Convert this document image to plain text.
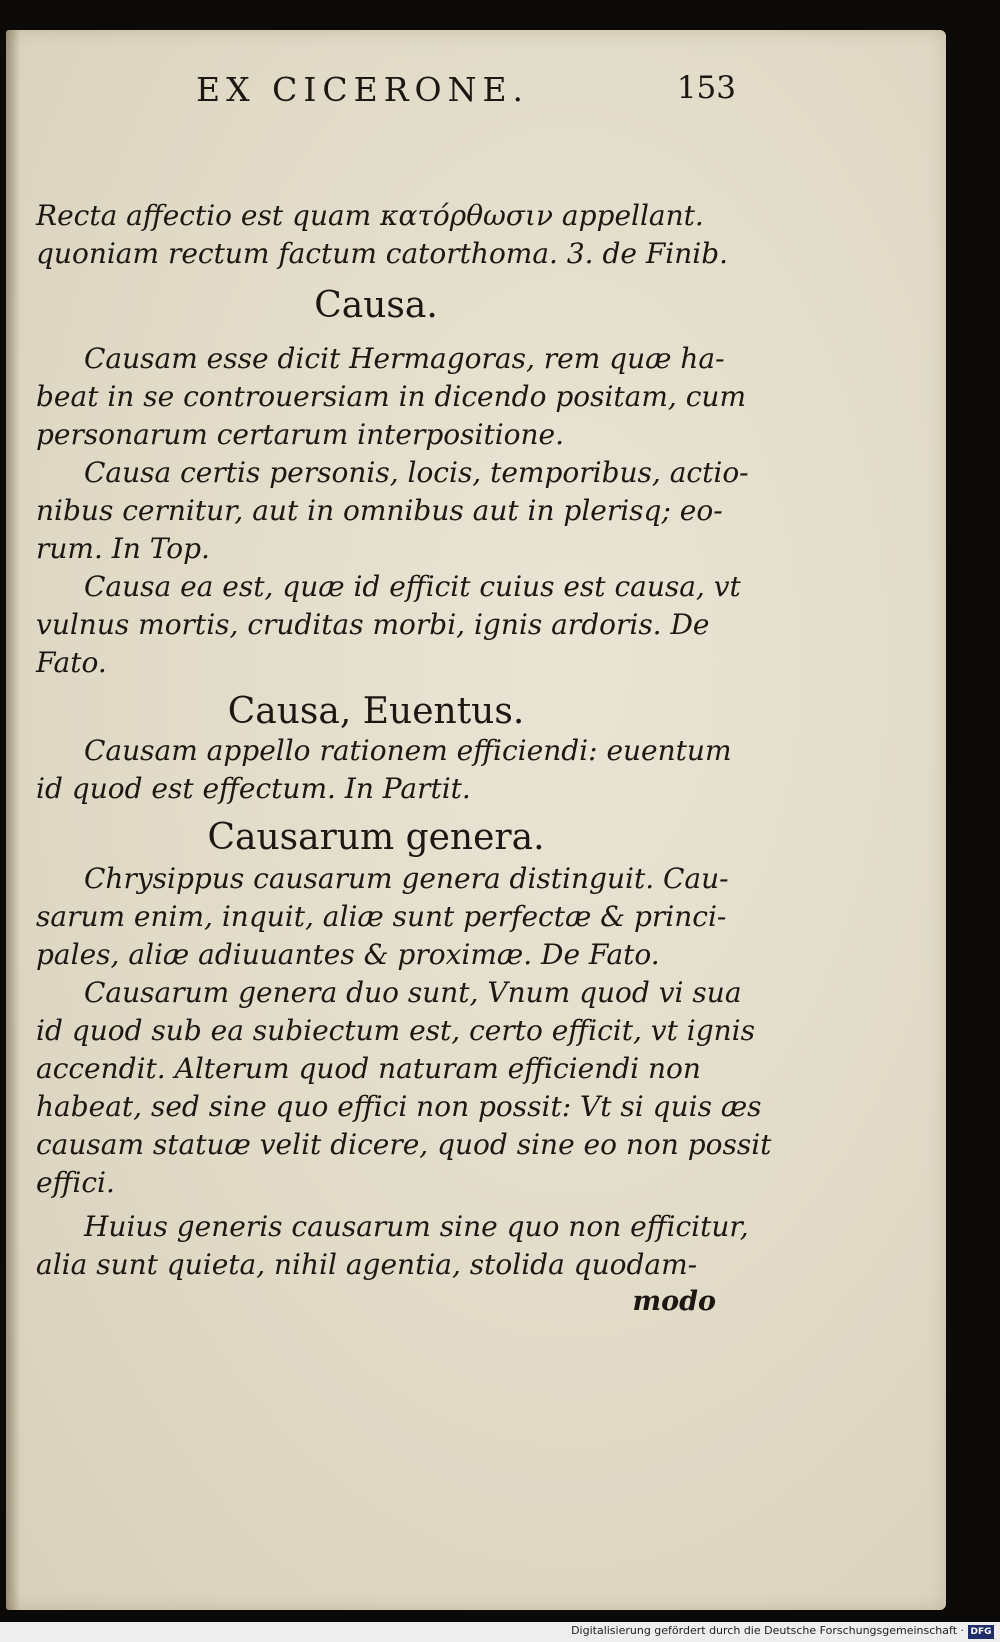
EX CICERONE.	153
Recta affectio est quam κατόρθωσιν appellant.
quoniam rectum factum catorthoma. 3. de Finib.
Causa.
Causam esse dicit Hermagoras, rem quæ ha-
beat in se controuersiam in dicendo positam, cum
personarum certarum interpositione.
Causa certis personis, locis, temporibus, actio-
nibus cernitur, aut in omnibus aut in plerisq; eo-
rum. In Top.
Causa ea est, quæ id efficit cuius est causa, vt
vulnus mortis, cruditas morbi, ignis ardoris. De
Fato.
Causa, Euentus.
Causam appello rationem efficiendi: euentum
id quod est effectum. In Partit.
Causarum genera.
Chrysippus causarum genera distinguit. Cau-
sarum enim, inquit, aliæ sunt perfectæ & princi-
pales, aliæ adiuuantes & proximæ. De Fato.
Causarum genera duo sunt, Vnum quod vi sua
id quod sub ea subiectum est, certo efficit, vt ignis
accendit. Alterum quod naturam efficiendi non
habeat, sed sine quo effici non possit: Vt si quis æs
causam statuæ velit dicere, quod sine eo non possit
effici.
Huius generis causarum sine quo non efficitur,
alia sunt quieta, nihil agentia, stolida quodam-
modo
Digitalisierung gefördert durch die Deutsche Forschungsgemeinschaft · DFG
